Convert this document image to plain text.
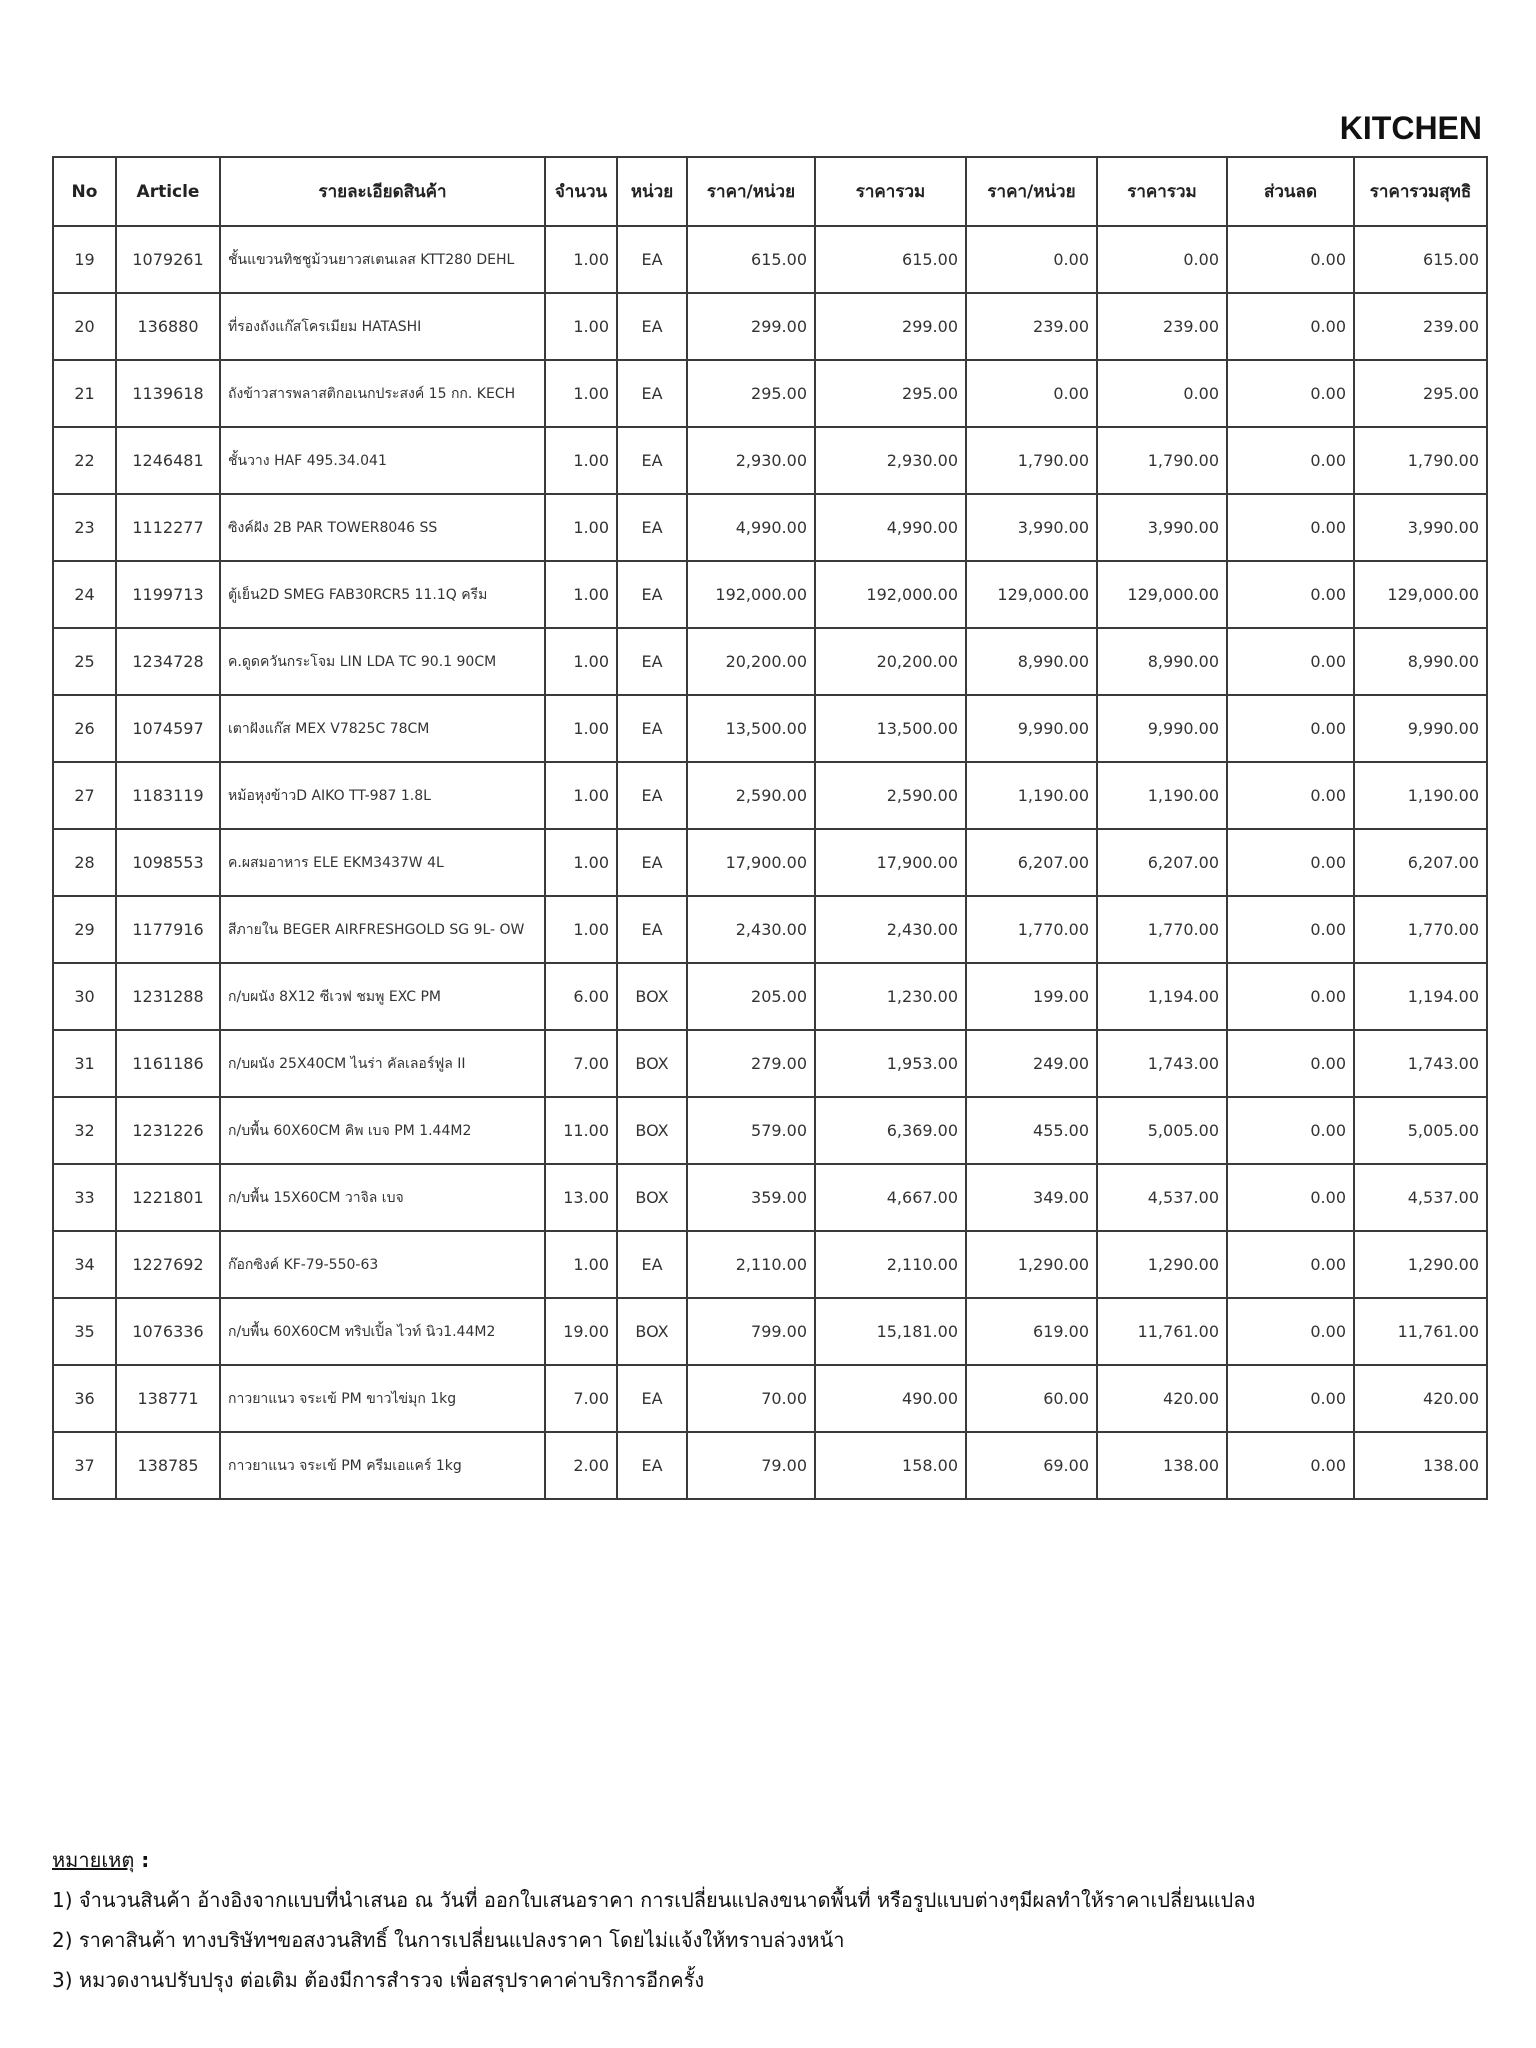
KITCHEN
No	Article	รายละเอียดสินค้า	จำนวน	หน่วย	ราคา/หน่วย	ราคารวม	ราคา/หน่วย	ราคารวม	ส่วนลด	ราคารวมสุทธิ
19	1079261	ชั้นแขวนทิชชูม้วนยาวสเตนเลส KTT280 DEHL	1.00	EA	615.00	615.00	0.00	0.00	0.00	615.00
20	136880	ที่รองถังแก๊สโครเมียม HATASHI	1.00	EA	299.00	299.00	239.00	239.00	0.00	239.00
21	1139618	ถังข้าวสารพลาสติกอเนกประสงค์ 15 กก. KECH	1.00	EA	295.00	295.00	0.00	0.00	0.00	295.00
22	1246481	ชั้นวาง HAF 495.34.041	1.00	EA	2,930.00	2,930.00	1,790.00	1,790.00	0.00	1,790.00
23	1112277	ซิงค์ฝัง 2B PAR TOWER8046 SS	1.00	EA	4,990.00	4,990.00	3,990.00	3,990.00	0.00	3,990.00
24	1199713	ตู้เย็น2D SMEG FAB30RCR5 11.1Q ครีม	1.00	EA	192,000.00	192,000.00	129,000.00	129,000.00	0.00	129,000.00
25	1234728	ค.ดูดควันกระโจม LIN LDA TC 90.1 90CM	1.00	EA	20,200.00	20,200.00	8,990.00	8,990.00	0.00	8,990.00
26	1074597	เตาฝังแก๊ส MEX V7825C 78CM	1.00	EA	13,500.00	13,500.00	9,990.00	9,990.00	0.00	9,990.00
27	1183119	หม้อหุงข้าวD AIKO TT-987 1.8L	1.00	EA	2,590.00	2,590.00	1,190.00	1,190.00	0.00	1,190.00
28	1098553	ค.ผสมอาหาร ELE EKM3437W 4L	1.00	EA	17,900.00	17,900.00	6,207.00	6,207.00	0.00	6,207.00
29	1177916	สีภายใน BEGER AIRFRESHGOLD SG 9L- OW	1.00	EA	2,430.00	2,430.00	1,770.00	1,770.00	0.00	1,770.00
30	1231288	ก/บผนัง 8X12 ซีเวฟ ชมพู EXC PM	6.00	BOX	205.00	1,230.00	199.00	1,194.00	0.00	1,194.00
31	1161186	ก/บผนัง 25X40CM ไนร่า คัลเลอร์ฟูล II	7.00	BOX	279.00	1,953.00	249.00	1,743.00	0.00	1,743.00
32	1231226	ก/บพื้น 60X60CM คิพ เบจ PM 1.44M2	11.00	BOX	579.00	6,369.00	455.00	5,005.00	0.00	5,005.00
33	1221801	ก/บพื้น 15X60CM วาจิล เบจ	13.00	BOX	359.00	4,667.00	349.00	4,537.00	0.00	4,537.00
34	1227692	ก๊อกซิงค์ KF-79-550-63	1.00	EA	2,110.00	2,110.00	1,290.00	1,290.00	0.00	1,290.00
35	1076336	ก/บพื้น 60X60CM ทริปเปิ้ล ไวท์ นิว1.44M2	19.00	BOX	799.00	15,181.00	619.00	11,761.00	0.00	11,761.00
36	138771	กาวยาแนว จระเข้ PM ขาวไข่มุก 1kg	7.00	EA	70.00	490.00	60.00	420.00	0.00	420.00
37	138785	กาวยาแนว จระเข้ PM ครีมเอแคร์ 1kg	2.00	EA	79.00	158.00	69.00	138.00	0.00	138.00

หมายเหตุ :

1) จำนวนสินค้า อ้างอิงจากแบบที่นำเสนอ ณ วันที่ ออกใบเสนอราคา การเปลี่ยนแปลงขนาดพื้นที่ หรือรูปแบบต่างๆมีผลทำให้ราคาเปลี่ยนแปลง

2) ราคาสินค้า ทางบริษัทฯขอสงวนสิทธิ์ ในการเปลี่ยนแปลงราคา โดยไม่แจ้งให้ทราบล่วงหน้า

3) หมวดงานปรับปรุง ต่อเติม ต้องมีการสำรวจ เพื่อสรุปราคาค่าบริการอีกครั้ง
